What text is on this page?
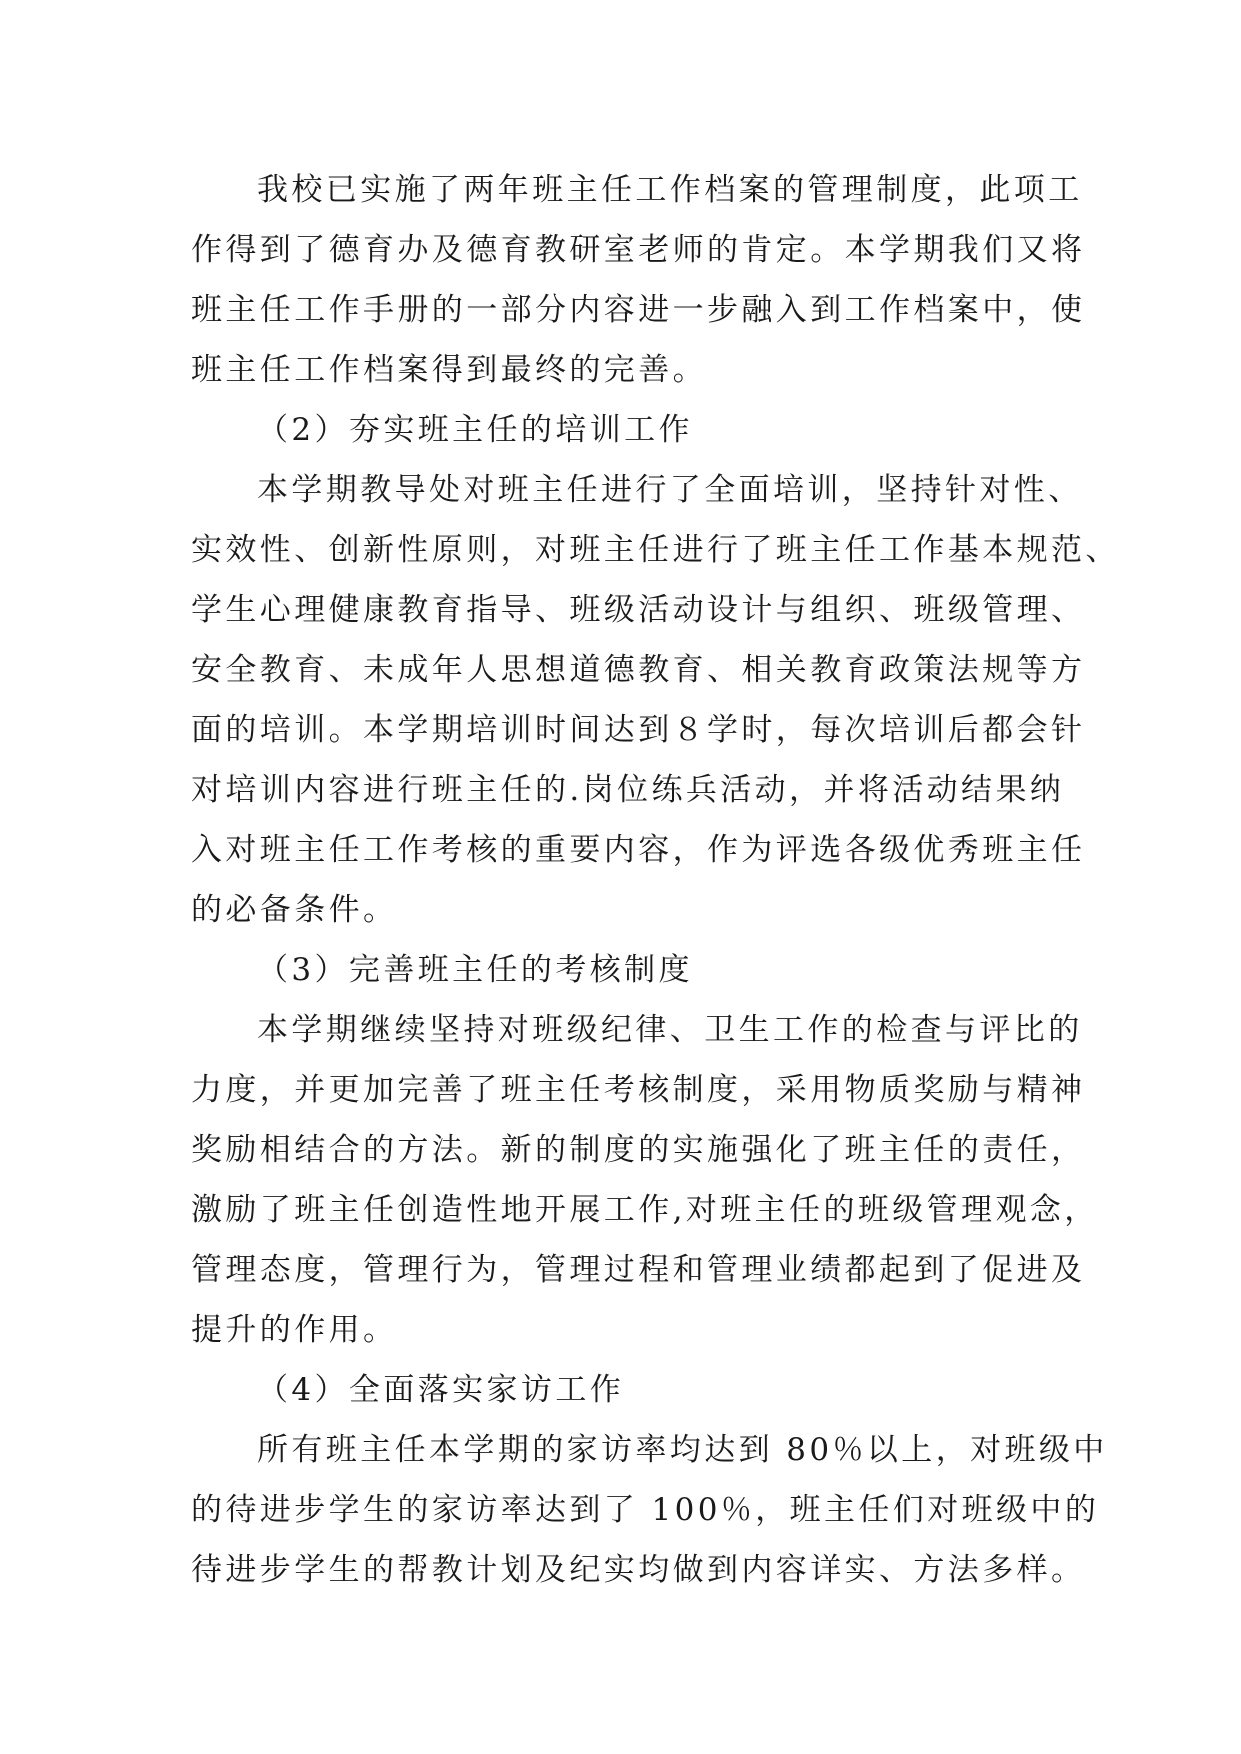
我校已实施了两年班主任工作档案的管理制度，此项工
作得到了德育办及德育教研室老师的肯定。本学期我们又将
班主任工作手册的一部分内容进一步融入到工作档案中，使
班主任工作档案得到最终的完善。
（2）夯实班主任的培训工作
本学期教导处对班主任进行了全面培训，坚持针对性、
实效性、创新性原则，对班主任进行了班主任工作基本规范、
学生心理健康教育指导、班级活动设计与组织、班级管理、
安全教育、未成年人思想道德教育、相关教育政策法规等方
面的培训。本学期培训时间达到８学时，每次培训后都会针
对培训内容进行班主任的.岗位练兵活动，并将活动结果纳
入对班主任工作考核的重要内容，作为评选各级优秀班主任
的必备条件。
（3）完善班主任的考核制度
本学期继续坚持对班级纪律、卫生工作的检查与评比的
力度，并更加完善了班主任考核制度，采用物质奖励与精神
奖励相结合的方法。新的制度的实施强化了班主任的责任，
激励了班主任创造性地开展工作,对班主任的班级管理观念，
管理态度，管理行为，管理过程和管理业绩都起到了促进及
提升的作用。
（4）全面落实家访工作
所有班主任本学期的家访率均达到 80％以上，对班级中
的待进步学生的家访率达到了 100％，班主任们对班级中的
待进步学生的帮教计划及纪实均做到内容详实、方法多样。
